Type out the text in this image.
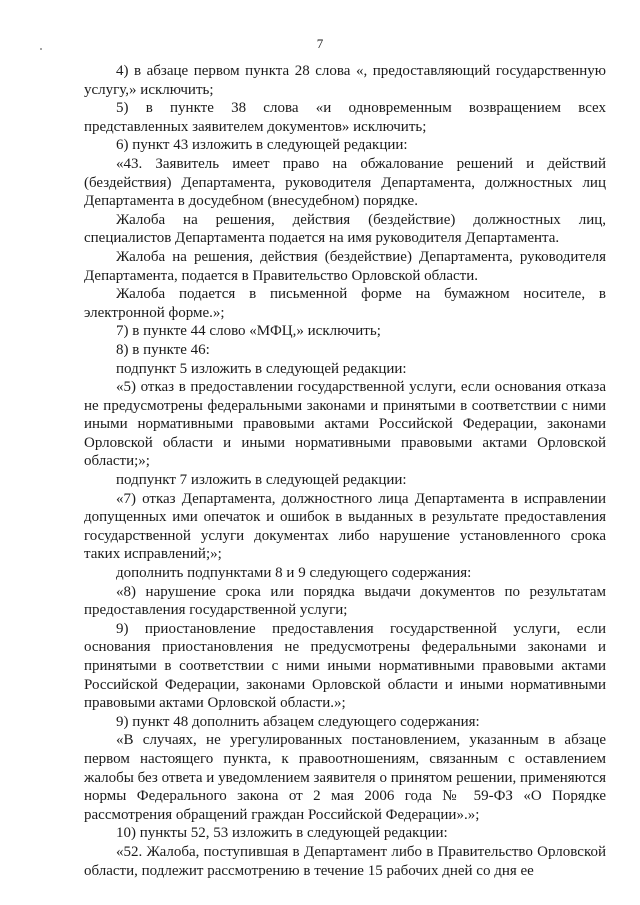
7

4) в абзаце первом пункта 28 слова «, предоставляющий государственную услугу,» исключить;

5) в пункте 38 слова «и одновременным возвращением всех представленных заявителем документов» исключить;

6) пункт 43 изложить в следующей редакции:

«43. Заявитель имеет право на обжалование решений и действий (бездействия) Департамента, руководителя Департамента, должностных лиц Департамента в досудебном (внесудебном) порядке.

Жалоба на решения, действия (бездействие) должностных лиц, специалистов Департамента подается на имя руководителя Департамента.

Жалоба на решения, действия (бездействие) Департамента, руководителя Департамента, подается в Правительство Орловской области.

Жалоба подается в письменной форме на бумажном носителе, в электронной форме.»;

7) в пункте 44 слово «МФЦ,» исключить;

8) в пункте 46:

подпункт 5 изложить в следующей редакции:

«5) отказ в предоставлении государственной услуги, если основания отказа не предусмотрены федеральными законами и принятыми в соответствии с ними иными нормативными правовыми актами Российской Федерации, законами Орловской области и иными нормативными правовыми актами Орловской области;»;

подпункт 7 изложить в следующей редакции:

«7) отказ Департамента, должностного лица Департамента в исправлении допущенных ими опечаток и ошибок в выданных в результате предоставления государственной услуги документах либо нарушение установленного срока таких исправлений;»;

дополнить подпунктами 8 и 9 следующего содержания:

«8) нарушение срока или порядка выдачи документов по результатам предоставления государственной услуги;

9) приостановление предоставления государственной услуги, если основания приостановления не предусмотрены федеральными законами и принятыми в соответствии с ними иными нормативными правовыми актами Российской Федерации, законами Орловской области и иными нормативными правовыми актами Орловской области.»;

9) пункт 48 дополнить абзацем следующего содержания:

«В случаях, не урегулированных постановлением, указанным в абзаце первом настоящего пункта, к правоотношениям, связанным с оставлением жалобы без ответа и уведомлением заявителя о принятом решении, применяются нормы Федерального закона от 2 мая 2006 года № 59-ФЗ «О Порядке рассмотрения обращений граждан Российской Федерации».»;

10) пункты 52, 53 изложить в следующей редакции:

«52. Жалоба, поступившая в Департамент либо в Правительство Орловской области, подлежит рассмотрению в течение 15 рабочих дней со дня ее
